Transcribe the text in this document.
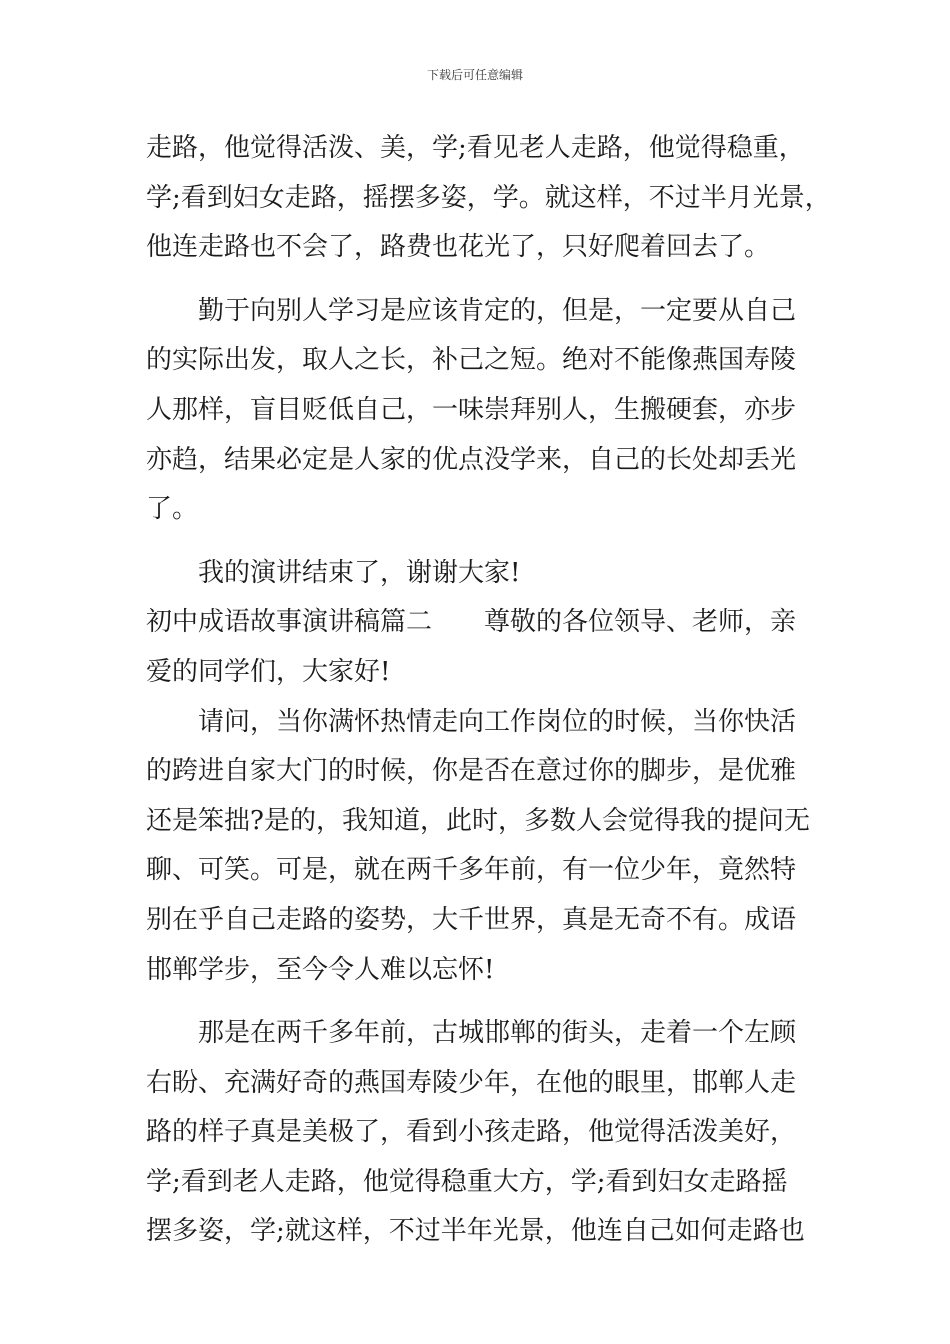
下载后可任意编辑
走路，他觉得活泼、美，学;看见老人走路，他觉得稳重，
学;看到妇女走路，摇摆多姿，学。就这样，不过半月光景，
他连走路也不会了，路费也花光了，只好爬着回去了。
勤于向别人学习是应该肯定的，但是，一定要从自己
的实际出发，取人之长，补己之短。绝对不能像燕国寿陵
人那样，盲目贬低自己，一味崇拜别人，生搬硬套，亦步
亦趋，结果必定是人家的优点没学来，自己的长处却丢光
了。
我的演讲结束了，谢谢大家!
初中成语故事演讲稿篇二 尊敬的各位领导、老师，亲
爱的同学们，大家好!
请问，当你满怀热情走向工作岗位的时候，当你快活
的跨进自家大门的时候，你是否在意过你的脚步，是优雅
还是笨拙?是的，我知道，此时，多数人会觉得我的提问无
聊、可笑。可是，就在两千多年前，有一位少年，竟然特
别在乎自己走路的姿势，大千世界，真是无奇不有。成语
邯郸学步，至今令人难以忘怀!
那是在两千多年前，古城邯郸的街头，走着一个左顾
右盼、充满好奇的燕国寿陵少年，在他的眼里，邯郸人走
路的样子真是美极了，看到小孩走路，他觉得活泼美好，
学;看到老人走路，他觉得稳重大方，学;看到妇女走路摇
摆多姿，学;就这样，不过半年光景，他连自己如何走路也
